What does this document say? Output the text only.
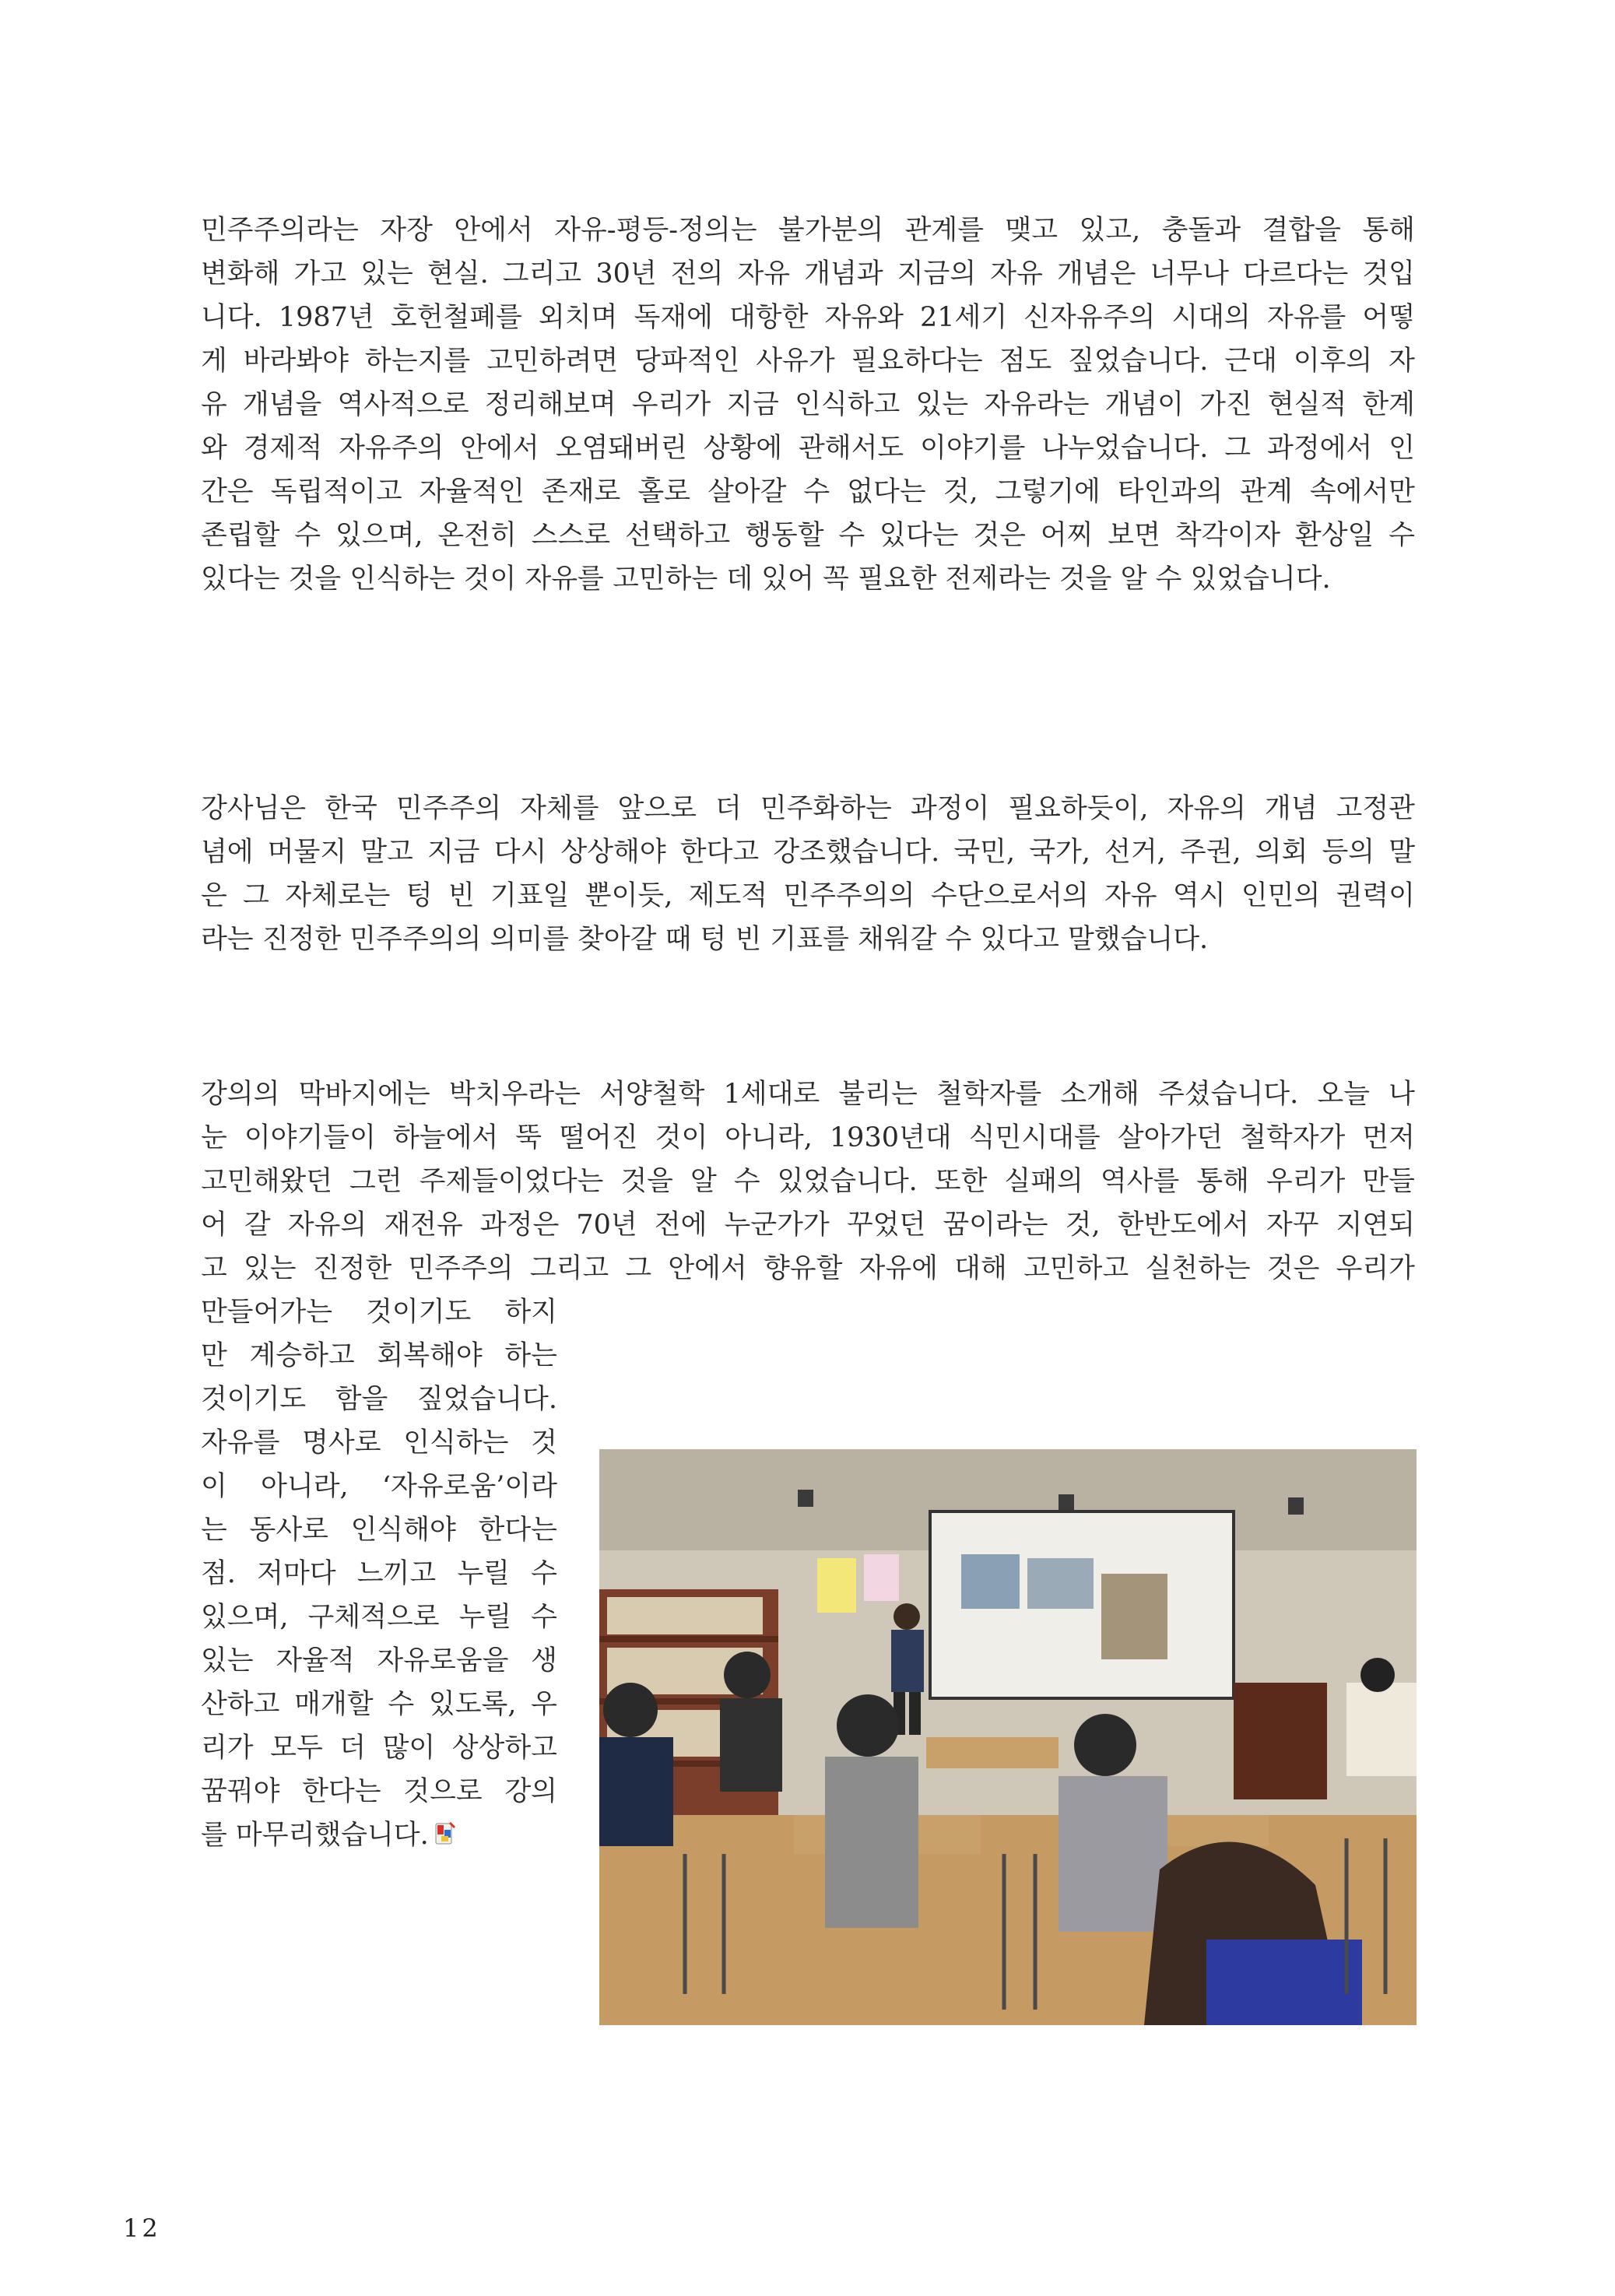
민주주의라는 자장 안에서 자유-평등-정의는 불가분의 관계를 맺고 있고, 충돌과 결합을 통해
변화해 가고 있는 현실. 그리고 30년 전의 자유 개념과 지금의 자유 개념은 너무나 다르다는 것입
니다. 1987년 호헌철폐를 외치며 독재에 대항한 자유와 21세기 신자유주의 시대의 자유를 어떻
게 바라봐야 하는지를 고민하려면 당파적인 사유가 필요하다는 점도 짚었습니다. 근대 이후의 자
유 개념을 역사적으로 정리해보며 우리가 지금 인식하고 있는 자유라는 개념이 가진 현실적 한계
와 경제적 자유주의 안에서 오염돼버린 상황에 관해서도 이야기를 나누었습니다. 그 과정에서 인
간은 독립적이고 자율적인 존재로 홀로 살아갈 수 없다는 것, 그렇기에 타인과의 관계 속에서만
존립할 수 있으며, 온전히 스스로 선택하고 행동할 수 있다는 것은 어찌 보면 착각이자 환상일 수
있다는 것을 인식하는 것이 자유를 고민하는 데 있어 꼭 필요한 전제라는 것을 알 수 있었습니다.
강사님은 한국 민주주의 자체를 앞으로 더 민주화하는 과정이 필요하듯이, 자유의 개념 고정관
념에 머물지 말고 지금 다시 상상해야 한다고 강조했습니다. 국민, 국가, 선거, 주권, 의회 등의 말
은 그 자체로는 텅 빈 기표일 뿐이듯, 제도적 민주주의의 수단으로서의 자유 역시 인민의 권력이
라는 진정한 민주주의의 의미를 찾아갈 때 텅 빈 기표를 채워갈 수 있다고 말했습니다.
강의의 막바지에는 박치우라는 서양철학 1세대로 불리는 철학자를 소개해 주셨습니다. 오늘 나
눈 이야기들이 하늘에서 뚝 떨어진 것이 아니라, 1930년대 식민시대를 살아가던 철학자가 먼저
고민해왔던 그런 주제들이었다는 것을 알 수 있었습니다. 또한 실패의 역사를 통해 우리가 만들
어 갈 자유의 재전유 과정은 70년 전에 누군가가 꾸었던 꿈이라는 것, 한반도에서 자꾸 지연되
고 있는 진정한 민주주의 그리고 그 안에서 향유할 자유에 대해 고민하고 실천하는 것은 우리가
만들어가는 것이기도 하지
만 계승하고 회복해야 하는
것이기도 함을 짚었습니다.
자유를 명사로 인식하는 것
이 아니라, ‘자유로움’이라
는 동사로 인식해야 한다는
점. 저마다 느끼고 누릴 수
있으며, 구체적으로 누릴 수
있는 자율적 자유로움을 생
산하고 매개할 수 있도록, 우
리가 모두 더 많이 상상하고
꿈꿔야 한다는 것으로 강의
를 마무리했습니다.
12
